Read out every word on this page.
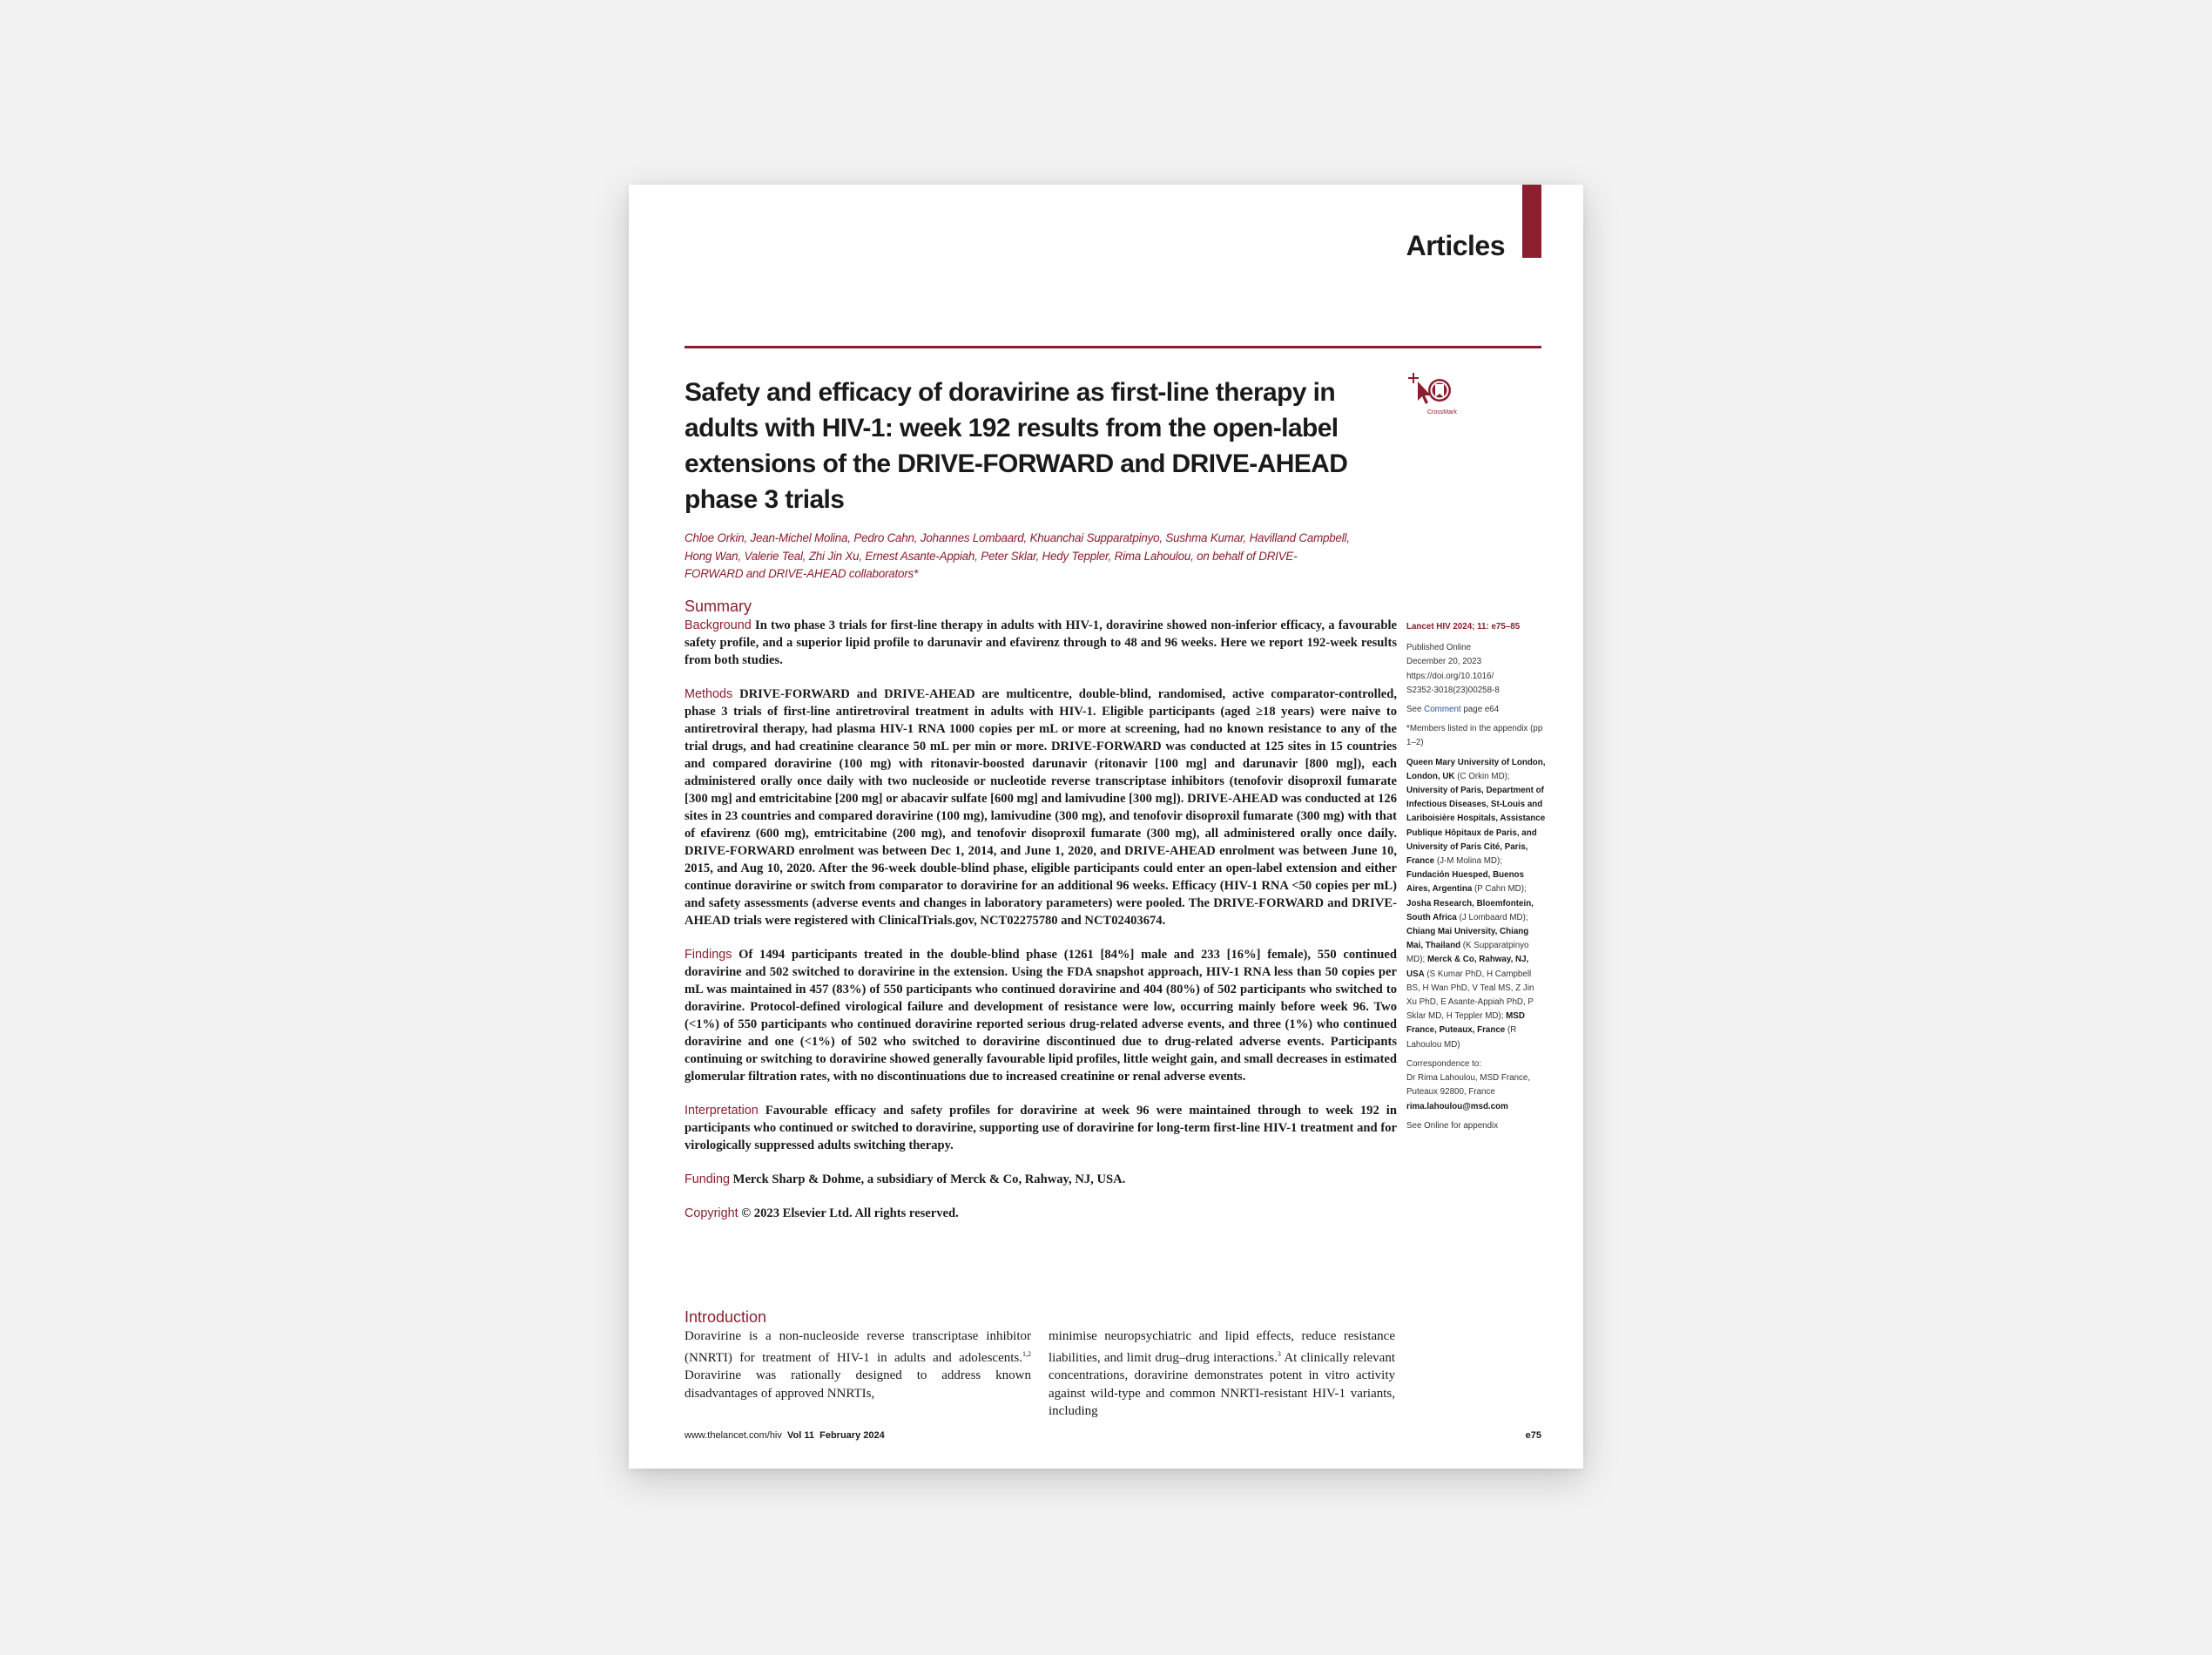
Articles
Safety and efficacy of doravirine as first-line therapy in adults with HIV-1: week 192 results from the open-label extensions of the DRIVE-FORWARD and DRIVE-AHEAD phase 3 trials
CrossMark

Chloe Orkin, Jean-Michel Molina, Pedro Cahn, Johannes Lombaard, Khuanchai Supparatpinyo, Sushma Kumar, Havilland Campbell, Hong Wan, Valerie Teal, Zhi Jin Xu, Ernest Asante-Appiah, Peter Sklar, Hedy Teppler, Rima Lahoulou, on behalf of DRIVE-FORWARD and DRIVE-AHEAD collaborators*

Summary

Background In two phase 3 trials for first-line therapy in adults with HIV-1, doravirine showed non-inferior efficacy, a favourable safety profile, and a superior lipid profile to darunavir and efavirenz through to 48 and 96 weeks. Here we report 192-week results from both studies.

Methods DRIVE-FORWARD and DRIVE-AHEAD are multicentre, double-blind, randomised, active comparator-controlled, phase 3 trials of first-line antiretroviral treatment in adults with HIV-1. Eligible participants (aged ≥18 years) were naive to antiretroviral therapy, had plasma HIV-1 RNA 1000 copies per mL or more at screening, had no known resistance to any of the trial drugs, and had creatinine clearance 50 mL per min or more. DRIVE-FORWARD was conducted at 125 sites in 15 countries and compared doravirine (100 mg) with ritonavir-boosted darunavir (ritonavir [100 mg] and darunavir [800 mg]), each administered orally once daily with two nucleoside or nucleotide reverse transcriptase inhibitors (tenofovir disoproxil fumarate [300 mg] and emtricitabine [200 mg] or abacavir sulfate [600 mg] and lamivudine [300 mg]). DRIVE-AHEAD was conducted at 126 sites in 23 countries and compared doravirine (100 mg), lamivudine (300 mg), and tenofovir disoproxil fumarate (300 mg) with that of efavirenz (600 mg), emtricitabine (200 mg), and tenofovir disoproxil fumarate (300 mg), all administered orally once daily. DRIVE-FORWARD enrolment was between Dec 1, 2014, and June 1, 2020, and DRIVE-AHEAD enrolment was between June 10, 2015, and Aug 10, 2020. After the 96-week double-blind phase, eligible participants could enter an open-label extension and either continue doravirine or switch from comparator to doravirine for an additional 96 weeks. Efficacy (HIV-1 RNA <50 copies per mL) and safety assessments (adverse events and changes in laboratory parameters) were pooled. The DRIVE-FORWARD and DRIVE-AHEAD trials were registered with ClinicalTrials.gov, NCT02275780 and NCT02403674.

Findings Of 1494 participants treated in the double-blind phase (1261 [84%] male and 233 [16%] female), 550 continued doravirine and 502 switched to doravirine in the extension. Using the FDA snapshot approach, HIV-1 RNA less than 50 copies per mL was maintained in 457 (83%) of 550 participants who continued doravirine and 404 (80%) of 502 participants who switched to doravirine. Protocol-defined virological failure and development of resistance were low, occurring mainly before week 96. Two (<1%) of 550 participants who continued doravirine reported serious drug-related adverse events, and three (1%) who continued doravirine and one (<1%) of 502 who switched to doravirine discontinued due to drug-related adverse events. Participants continuing or switching to doravirine showed generally favourable lipid profiles, little weight gain, and small decreases in estimated glomerular filtration rates, with no discontinuations due to increased creatinine or renal adverse events.

Interpretation Favourable efficacy and safety profiles for doravirine at week 96 were maintained through to week 192 in participants who continued or switched to doravirine, supporting use of doravirine for long-term first-line HIV-1 treatment and for virologically suppressed adults switching therapy.

Funding Merck Sharp & Dohme, a subsidiary of Merck & Co, Rahway, NJ, USA.

Copyright © 2023 Elsevier Ltd. All rights reserved.

Introduction

Doravirine is a non-nucleoside reverse transcriptase inhibitor (NNRTI) for treatment of HIV-1 in adults and adolescents.$^{1,2}$ Doravirine was rationally designed to address known disadvantages of approved NNRTIs,

minimise neuropsychiatric and lipid effects, reduce resistance liabilities, and limit drug–drug interactions.$^3$ At clinically relevant concentrations, doravirine demonstrates potent in vitro activity against wild-type and common NNRTI-resistant HIV-1 variants, including

Lancet HIV 2024; 11: e75–85
Published Online
December 20, 2023
https://doi.org/10.1016/
S2352-3018(23)00258-8
See Comment page e64
*Members listed in the appendix (pp 1–2)
Queen Mary University of London, London, UK (C Orkin MD); University of Paris, Department of Infectious Diseases, St-Louis and Lariboisière Hospitals, Assistance Publique Hôpitaux de Paris, and University of Paris Cité, Paris, France (J-M Molina MD); Fundación Huesped, Buenos Aires, Argentina (P Cahn MD); Josha Research, Bloemfontein, South Africa (J Lombaard MD); Chiang Mai University, Chiang Mai, Thailand (K Supparatpinyo MD); Merck & Co, Rahway, NJ, USA (S Kumar PhD, H Campbell BS, H Wan PhD, V Teal MS, Z Jin Xu PhD, E Asante-Appiah PhD, P Sklar MD, H Teppler MD); MSD France, Puteaux, France (R Lahoulou MD)
Correspondence to:
Dr Rima Lahoulou, MSD France, Puteaux 92800, France
rima.lahoulou@msd.com
See Online for appendix
www.thelancet.com/hiv Vol 11 February 2024	e75
